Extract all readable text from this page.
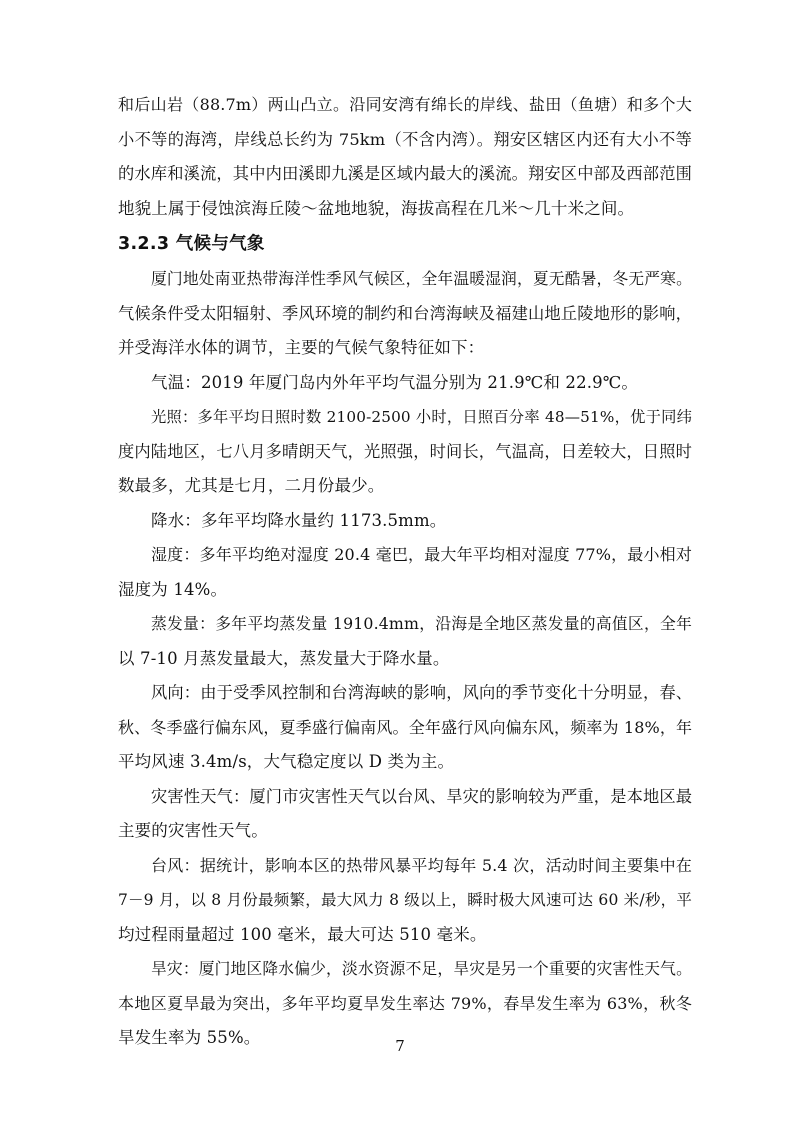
和后山岩（88.7m）两山凸立。沿同安湾有绵长的岸线、盐田（鱼塘）和多个大
小不等的海湾，岸线总长约为 75km（不含内湾）。翔安区辖区内还有大小不等
的水库和溪流，其中内田溪即九溪是区域内最大的溪流。翔安区中部及西部范围
地貌上属于侵蚀滨海丘陵～盆地地貌，海拔高程在几米～几十米之间。
3.2.3 气候与气象
厦门地处南亚热带海洋性季风气候区，全年温暖湿润，夏无酷暑，冬无严寒。
气候条件受太阳辐射、季风环境的制约和台湾海峡及福建山地丘陵地形的影响，
并受海洋水体的调节，主要的气候气象特征如下：
气温：2019 年厦门岛内外年平均气温分别为 21.9℃和 22.9℃。
光照：多年平均日照时数 2100-2500 小时，日照百分率 48—51%，优于同纬
度内陆地区，七八月多晴朗天气，光照强，时间长，气温高，日差较大，日照时
数最多，尤其是七月，二月份最少。
降水：多年平均降水量约 1173.5mm。
湿度：多年平均绝对湿度 20.4 毫巴，最大年平均相对湿度 77%，最小相对
湿度为 14%。
蒸发量：多年平均蒸发量 1910.4mm，沿海是全地区蒸发量的高值区，全年
以 7-10 月蒸发量最大，蒸发量大于降水量。
风向：由于受季风控制和台湾海峡的影响，风向的季节变化十分明显，春、
秋、冬季盛行偏东风，夏季盛行偏南风。全年盛行风向偏东风，频率为 18%，年
平均风速 3.4m/s，大气稳定度以 D 类为主。
灾害性天气：厦门市灾害性天气以台风、旱灾的影响较为严重，是本地区最
主要的灾害性天气。
台风：据统计，影响本区的热带风暴平均每年 5.4 次，活动时间主要集中在
7－9 月，以 8 月份最频繁，最大风力 8 级以上，瞬时极大风速可达 60 米/秒，平
均过程雨量超过 100 毫米，最大可达 510 毫米。
旱灾：厦门地区降水偏少，淡水资源不足，旱灾是另一个重要的灾害性天气。
本地区夏旱最为突出，多年平均夏旱发生率达 79%，春旱发生率为 63%，秋冬
旱发生率为 55%。	7
